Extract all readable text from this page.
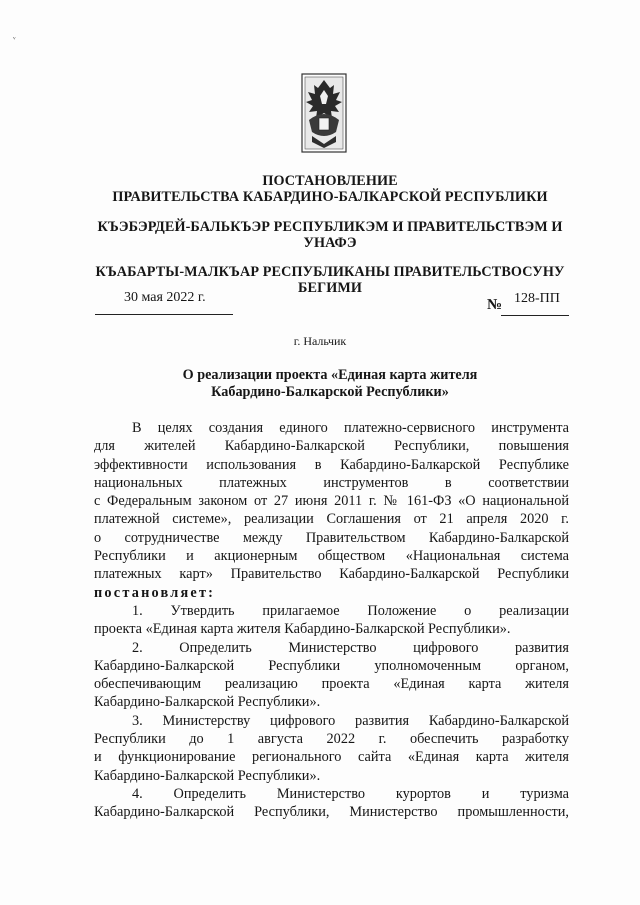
ᵛ
ПОСТАНОВЛЕНИЕ
ПРАВИТЕЛЬСТВА КАБАРДИНО-БАЛКАРСКОЙ РЕСПУБЛИКИ
КЪЭБЭРДЕЙ-БАЛЬКЪЭР РЕСПУБЛИКЭМ И ПРАВИТЕЛЬСТВЭМ И
УНАФЭ
КЪАБАРТЫ-МАЛКЪАР РЕСПУБЛИКАНЫ ПРАВИТЕЛЬСТВОСУНУ
БЕГИМИ
30 мая 2022 г.	№ 128-ПП
г. Нальчик
О реализации проекта «Единая карта жителя
Кабардино-Балкарской Республики»

В целях создания единого платежно-сервисного инструмента

для жителей Кабардино-Балкарской Республики, повышения

эффективности использования в Кабардино-Балкарской Республике

национальных платежных инструментов в соответствии

с Федеральным законом от 27 июня 2011 г. № 161-ФЗ «О национальной

платежной системе», реализации Соглашения от 21 апреля 2020 г.

о сотрудничестве между Правительством Кабардино-Балкарской

Республики и акционерным обществом «Национальная система

платежных карт» Правительство Кабардино-Балкарской Республики

постановляет:

1. Утвердить прилагаемое Положение о реализации

проекта «Единая карта жителя Кабардино-Балкарской Республики».

2. Определить Министерство цифрового развития

Кабардино-Балкарской Республики уполномоченным органом,

обеспечивающим реализацию проекта «Единая карта жителя

Кабардино-Балкарской Республики».

3. Министерству цифрового развития Кабардино-Балкарской

Республики до 1 августа 2022 г. обеспечить разработку

и функционирование регионального сайта «Единая карта жителя

Кабардино-Балкарской Республики».

4. Определить Министерство курортов и туризма

Кабардино-Балкарской Республики, Министерство промышленности,
